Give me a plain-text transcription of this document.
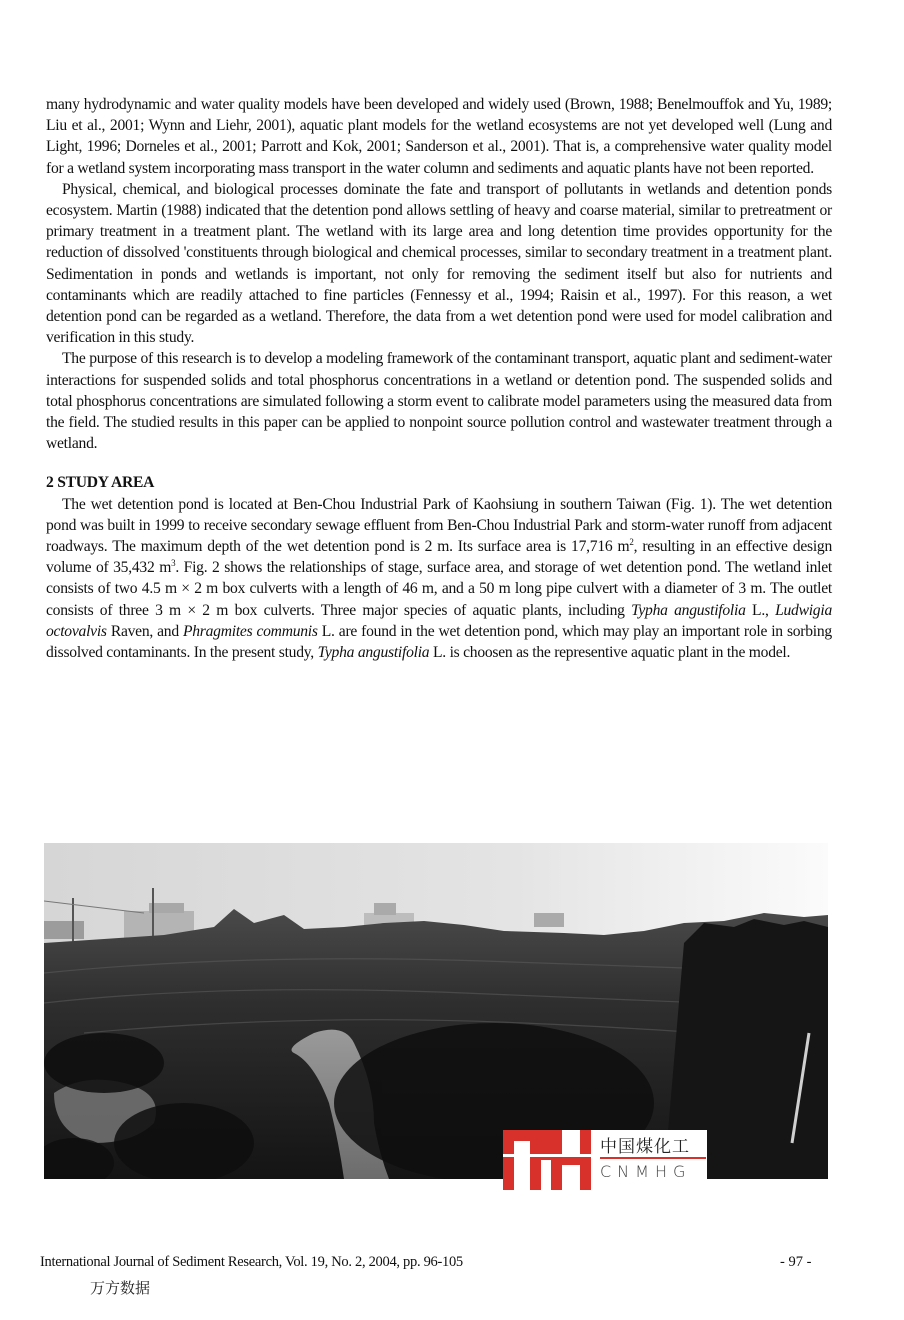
many hydrodynamic and water quality models have been developed and widely used (Brown, 1988; Benelmouffok and Yu, 1989; Liu et al., 2001; Wynn and Liehr, 2001), aquatic plant models for the wetland ecosystems are not yet developed well (Lung and Light, 1996; Dorneles et al., 2001; Parrott and Kok, 2001; Sanderson et al., 2001). That is, a comprehensive water quality model for a wetland system incorporating mass transport in the water column and sediments and aquatic plants have not been reported.

Physical, chemical, and biological processes dominate the fate and transport of pollutants in wetlands and detention ponds ecosystem. Martin (1988) indicated that the detention pond allows settling of heavy and coarse material, similar to pretreatment or primary treatment in a treatment plant. The wetland with its large area and long detention time provides opportunity for the reduction of dissolved 'constituents through biological and chemical processes, similar to secondary treatment in a treatment plant. Sedimentation in ponds and wetlands is important, not only for removing the sediment itself but also for nutrients and contaminants which are readily attached to fine particles (Fennessy et al., 1994; Raisin et al., 1997). For this reason, a wet detention pond can be regarded as a wetland. Therefore, the data from a wet detention pond were used for model calibration and verification in this study.

The purpose of this research is to develop a modeling framework of the contaminant transport, aquatic plant and sediment-water interactions for suspended solids and total phosphorus concentrations in a wetland or detention pond. The suspended solids and total phosphorus concentrations are simulated following a storm event to calibrate model parameters using the measured data from the field. The studied results in this paper can be applied to nonpoint source pollution control and wastewater treatment through a wetland.

2 STUDY AREA

The wet detention pond is located at Ben-Chou Industrial Park of Kaohsiung in southern Taiwan (Fig. 1). The wet detention pond was built in 1999 to receive secondary sewage effluent from Ben-Chou Industrial Park and storm-water runoff from adjacent roadways. The maximum depth of the wet detention pond is 2 m. Its surface area is 17,716 $m^2$, resulting in an effective design volume of 35,432 $m^3$. Fig. 2 shows the relationships of stage, surface area, and storage of wet detention pond. The wetland inlet consists of two 4.5 m × 2 m box culverts with a length of 46 m, and a 50 m long pipe culvert with a diameter of 3 m. The outlet consists of three 3 m × 2 m box culverts. Three major species of aquatic plants, including Typha angustifolia L., Ludwigia octovalvis Raven, and Phragmites communis L. are found in the wet detention pond, which may play an important role in sorbing dissolved contaminants. In the present study, Typha angustifolia L. is choosen as the representive aquatic plant in the model.

中国煤化工
CNMHG
International Journal of Sediment Research, Vol. 19, No. 2, 2004, pp. 96-105	- 97 -
万方数据
